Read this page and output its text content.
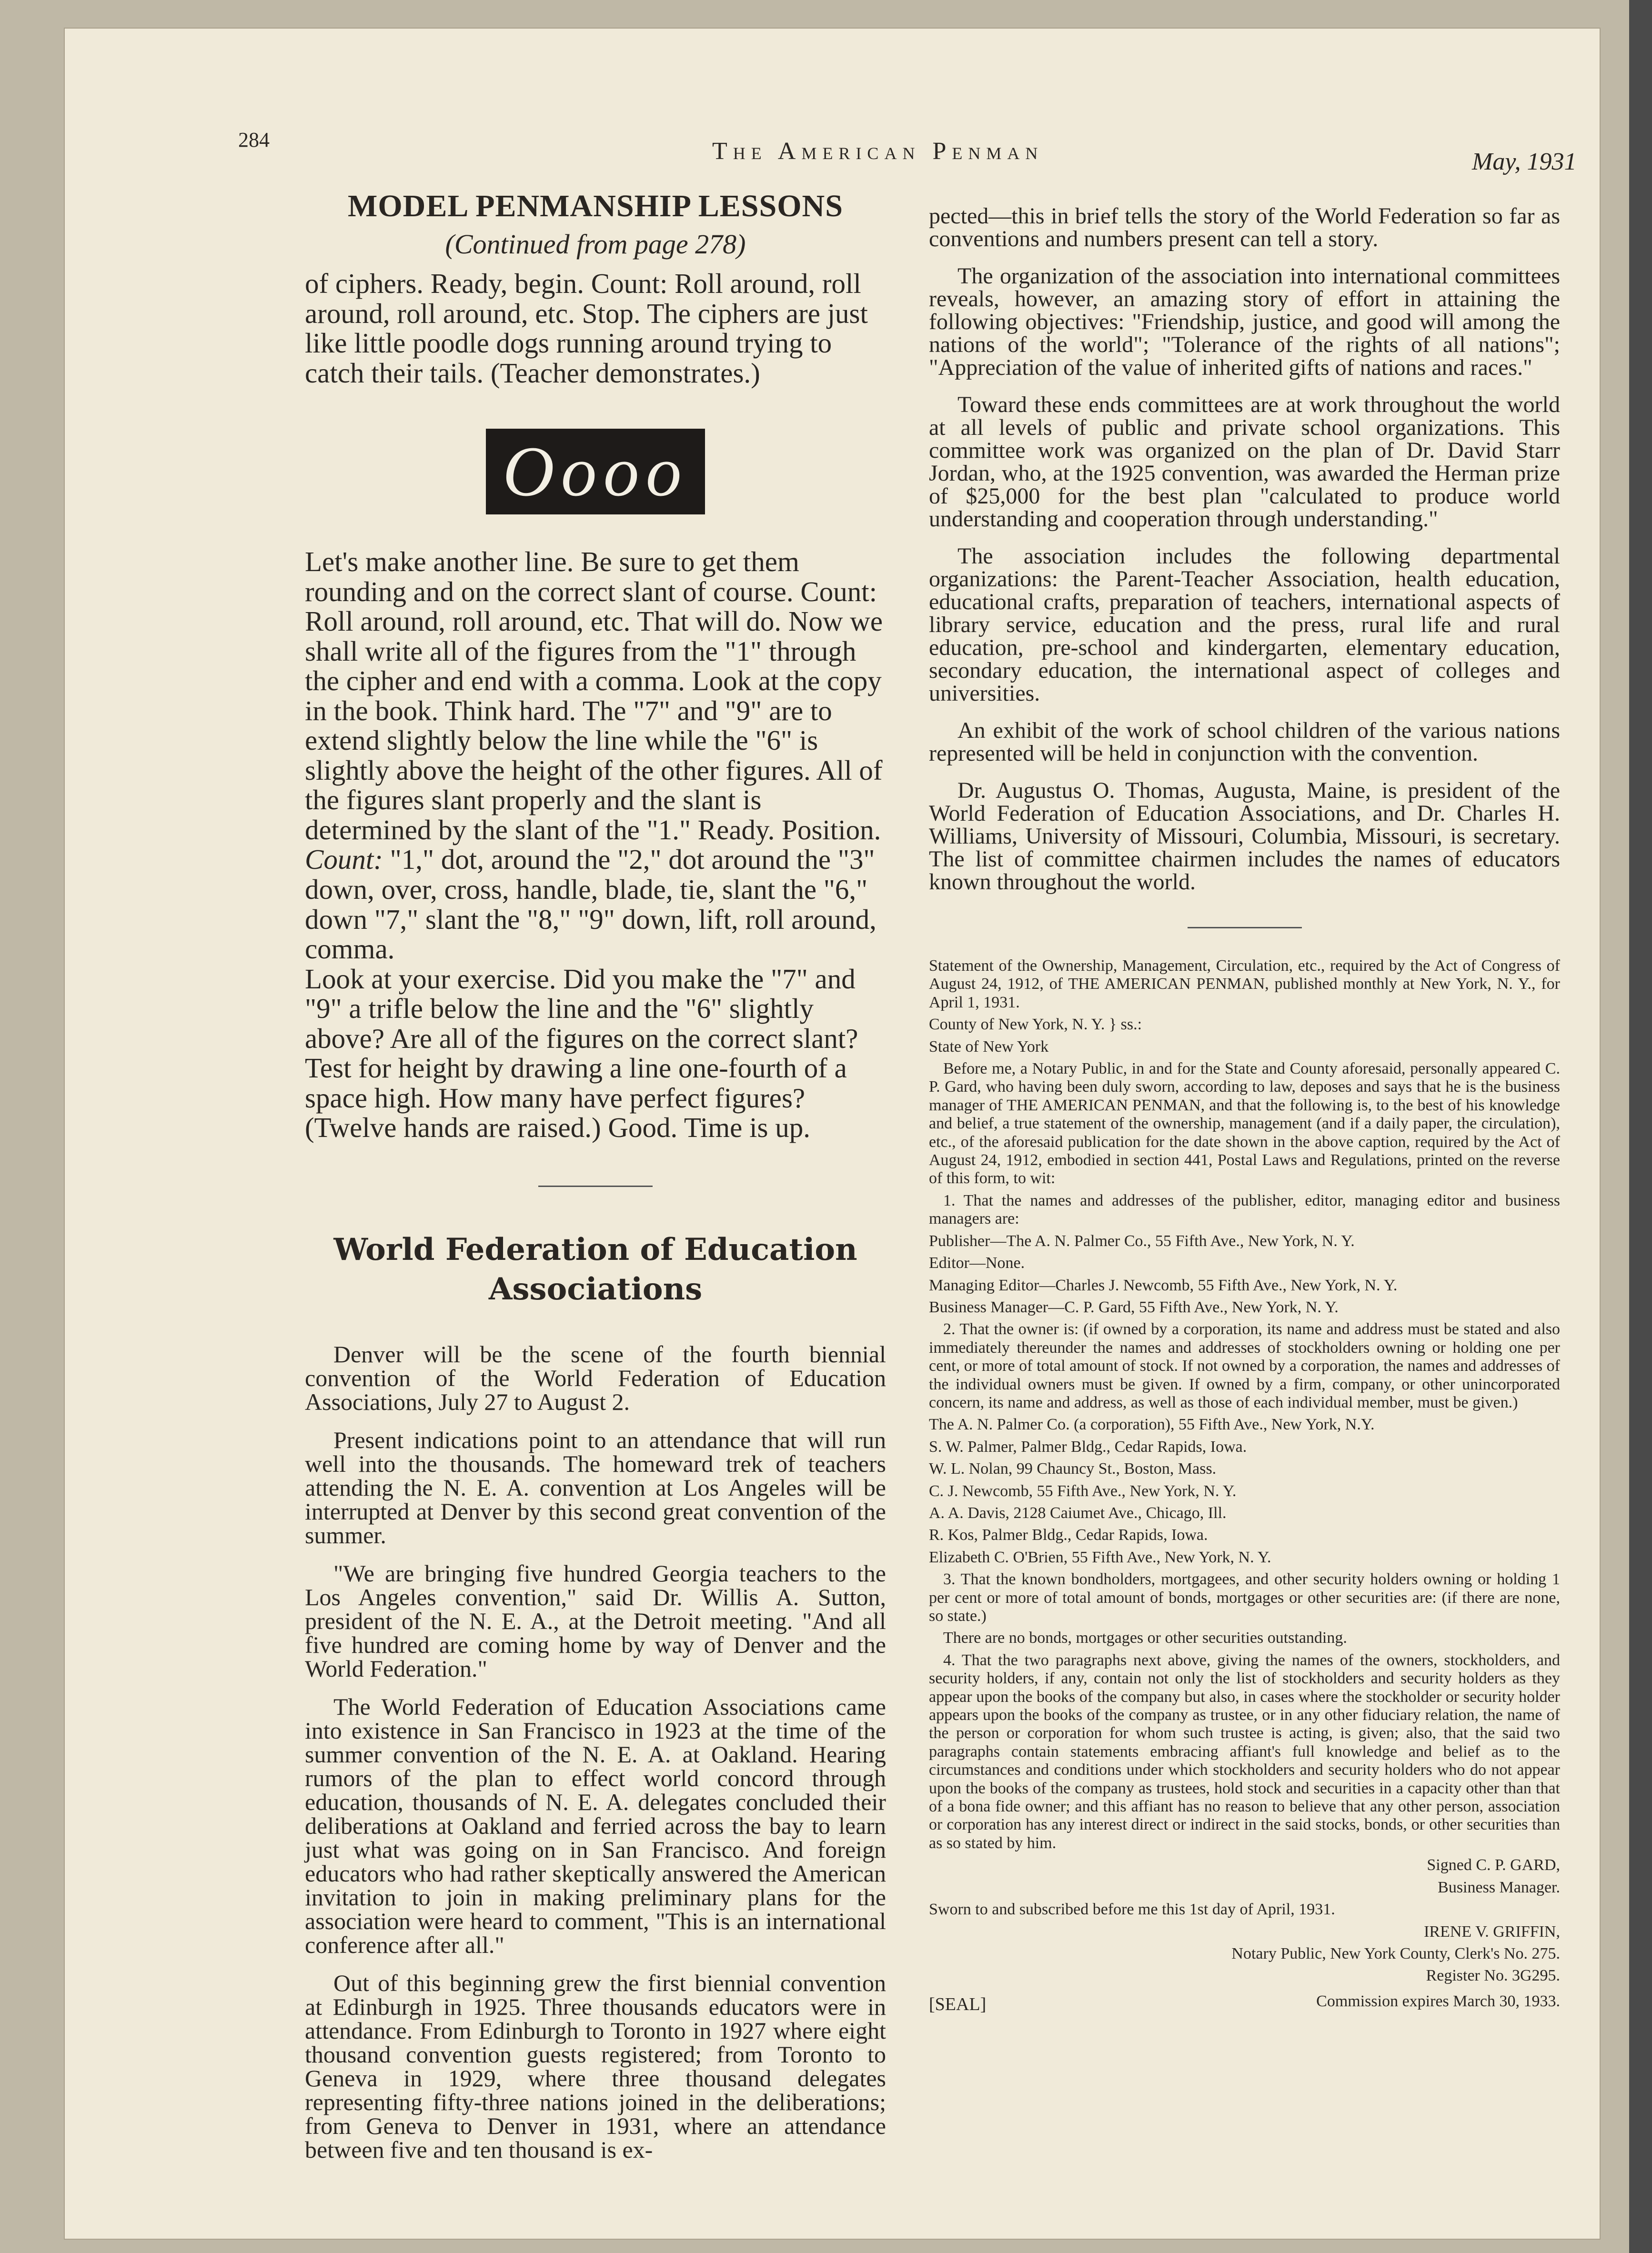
284	The American Penman	May, 1931
MODEL PENMANSHIP LESSONS
(Continued from page 278)

of ciphers. Ready, begin. Count: Roll around, roll around, roll around, etc. Stop. The ciphers are just like little poodle dogs running around trying to catch their tails. (Teacher demonstrates.)

O ooo

Let's make another line. Be sure to get them rounding and on the correct slant of course. Count: Roll around, roll around, etc. That will do. Now we shall write all of the figures from the "1" through the cipher and end with a comma. Look at the copy in the book. Think hard. The "7" and "9" are to extend slightly below the line while the "6" is slightly above the height of the other figures. All of the figures slant properly and the slant is determined by the slant of the "1." Ready. Position.

Count: "1," dot, around the "2," dot around the "3" down, over, cross, handle, blade, tie, slant the "6," down "7," slant the "8," "9" down, lift, roll around, comma.

Look at your exercise. Did you make the "7" and "9" a trifle below the line and the "6" slightly above? Are all of the figures on the correct slant? Test for height by drawing a line one-fourth of a space high. How many have perfect figures? (Twelve hands are raised.) Good. Time is up.

World Federation of Education Associations

Denver will be the scene of the fourth biennial convention of the World Federation of Education Associations, July 27 to August 2.

Present indications point to an attendance that will run well into the thousands. The homeward trek of teachers attending the N. E. A. convention at Los Angeles will be interrupted at Denver by this second great convention of the summer.

"We are bringing five hundred Georgia teachers to the Los Angeles convention," said Dr. Willis A. Sutton, president of the N. E. A., at the Detroit meeting. "And all five hundred are coming home by way of Denver and the World Federation."

The World Federation of Education Associations came into existence in San Francisco in 1923 at the time of the summer convention of the N. E. A. at Oakland. Hearing rumors of the plan to effect world concord through education, thousands of N. E. A. delegates concluded their deliberations at Oakland and ferried across the bay to learn just what was going on in San Francisco. And foreign educators who had rather skeptically answered the American invitation to join in making preliminary plans for the association were heard to comment, "This is an international conference after all."

Out of this beginning grew the first biennial convention at Edinburgh in 1925. Three thousands educators were in attendance. From Edinburgh to Toronto in 1927 where eight thousand convention guests registered; from Toronto to Geneva in 1929, where three thousand delegates representing fifty-three nations joined in the deliberations; from Geneva to Denver in 1931, where an attendance between five and ten thousand is ex-

pected—this in brief tells the story of the World Federation so far as conventions and numbers present can tell a story.

The organization of the association into international committees reveals, however, an amazing story of effort in attaining the following objectives: "Friendship, justice, and good will among the nations of the world"; "Tolerance of the rights of all nations"; "Appreciation of the value of inherited gifts of nations and races."

Toward these ends committees are at work throughout the world at all levels of public and private school organizations. This committee work was organized on the plan of Dr. David Starr Jordan, who, at the 1925 convention, was awarded the Herman prize of $25,000 for the best plan "calculated to produce world understanding and cooperation through understanding."

The association includes the following departmental organizations: the Parent-Teacher Association, health education, educational crafts, preparation of teachers, international aspects of library service, education and the press, rural life and rural education, pre-school and kindergarten, elementary education, secondary education, the international aspect of colleges and universities.

An exhibit of the work of school children of the various nations represented will be held in conjunction with the convention.

Dr. Augustus O. Thomas, Augusta, Maine, is president of the World Federation of Education Associations, and Dr. Charles H. Williams, University of Missouri, Columbia, Missouri, is secretary. The list of committee chairmen includes the names of educators known throughout the world.

Statement of the Ownership, Management, Circulation, etc., required by the Act of Congress of August 24, 1912, of THE AMERICAN PENMAN, published monthly at New York, N. Y., for April 1, 1931.

County of New York, N. Y. } ss.:

State of New York

Before me, a Notary Public, in and for the State and County aforesaid, personally appeared C. P. Gard, who having been duly sworn, according to law, deposes and says that he is the business manager of THE AMERICAN PENMAN, and that the following is, to the best of his knowledge and belief, a true statement of the ownership, management (and if a daily paper, the circulation), etc., of the aforesaid publication for the date shown in the above caption, required by the Act of August 24, 1912, embodied in section 441, Postal Laws and Regulations, printed on the reverse of this form, to wit:

1. That the names and addresses of the publisher, editor, managing editor and business managers are:

Publisher—The A. N. Palmer Co., 55 Fifth Ave., New York, N. Y.

Editor—None.

Managing Editor—Charles J. Newcomb, 55 Fifth Ave., New York, N. Y.

Business Manager—C. P. Gard, 55 Fifth Ave., New York, N. Y.

2. That the owner is: (if owned by a corporation, its name and address must be stated and also immediately thereunder the names and addresses of stockholders owning or holding one per cent, or more of total amount of stock. If not owned by a corporation, the names and addresses of the individual owners must be given. If owned by a firm, company, or other unincorporated concern, its name and address, as well as those of each individual member, must be given.)

The A. N. Palmer Co. (a corporation), 55 Fifth Ave., New York, N.Y.

S. W. Palmer, Palmer Bldg., Cedar Rapids, Iowa.

W. L. Nolan, 99 Chauncy St., Boston, Mass.

C. J. Newcomb, 55 Fifth Ave., New York, N. Y.

A. A. Davis, 2128 Caiumet Ave., Chicago, Ill.

R. Kos, Palmer Bldg., Cedar Rapids, Iowa.

Elizabeth C. O'Brien, 55 Fifth Ave., New York, N. Y.

3. That the known bondholders, mortgagees, and other security holders owning or holding 1 per cent or more of total amount of bonds, mortgages or other securities are: (if there are none, so state.)

There are no bonds, mortgages or other securities outstanding.

4. That the two paragraphs next above, giving the names of the owners, stockholders, and security holders, if any, contain not only the list of stockholders and security holders as they appear upon the books of the company but also, in cases where the stockholder or security holder appears upon the books of the company as trustee, or in any other fiduciary relation, the name of the person or corporation for whom such trustee is acting, is given; also, that the said two paragraphs contain statements embracing affiant's full knowledge and belief as to the circumstances and conditions under which stockholders and security holders who do not appear upon the books of the company as trustees, hold stock and securities in a capacity other than that of a bona fide owner; and this affiant has no reason to believe that any other person, association or corporation has any interest direct or indirect in the said stocks, bonds, or other securities than as so stated by him.

Signed C. P. GARD,

Business Manager.

Sworn to and subscribed before me this 1st day of April, 1931.

IRENE V. GRIFFIN,

Notary Public, New York County, Clerk's No. 275.

Register No. 3G295.

[SEAL]	Commission expires March 30, 1933.
